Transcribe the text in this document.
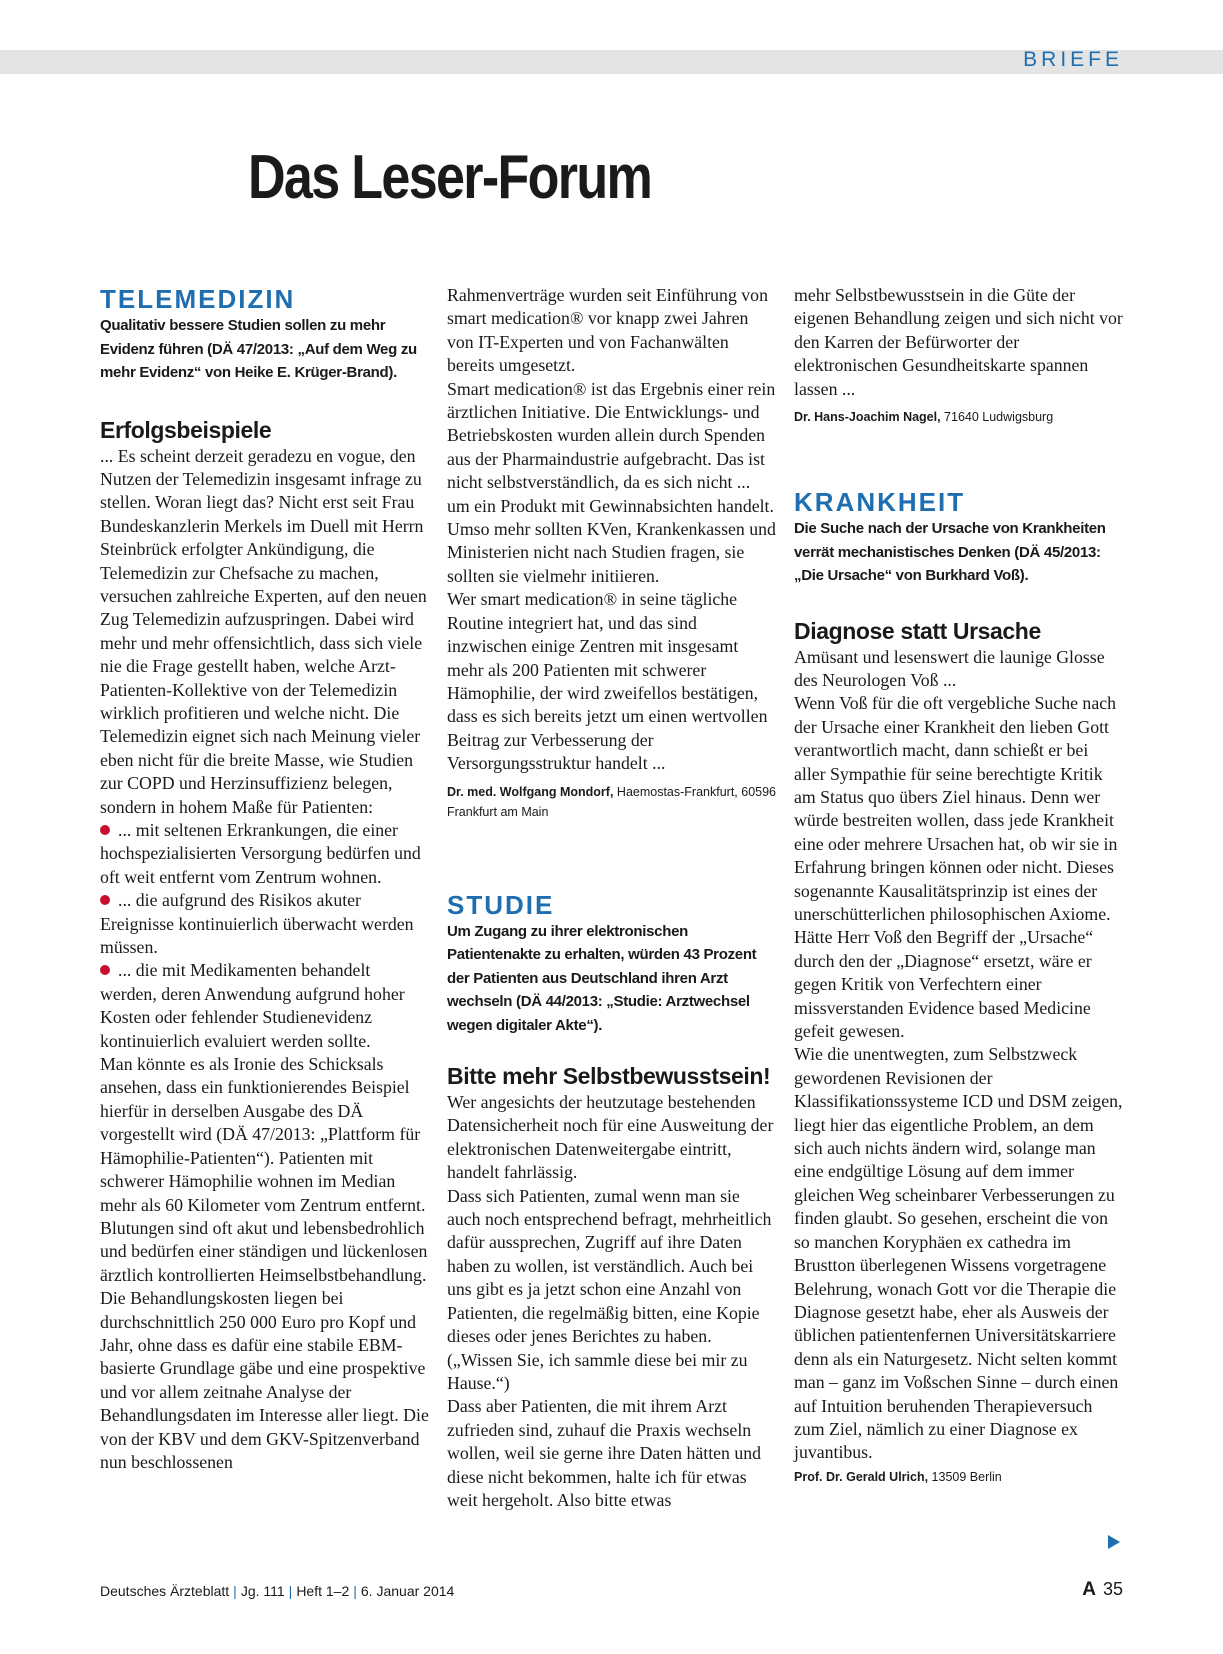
BRIEFE
Das Leser-Forum
TELEMEDIZIN
Qualitativ bessere Studien sollen zu mehr Evidenz führen (DÄ 47/2013: „Auf dem Weg zu mehr Evidenz“ von Heike E. Krüger-Brand).
Erfolgsbeispiele

... Es scheint derzeit geradezu en vogue, den Nutzen der Telemedizin insgesamt infrage zu stellen. Woran liegt das? Nicht erst seit Frau Bundeskanzlerin Merkels im Duell mit Herrn Steinbrück erfolgter Ankündigung, die Telemedizin zur Chefsache zu machen, versuchen zahlreiche Experten, auf den neuen Zug Telemedizin aufzuspringen. Dabei wird mehr und mehr offensichtlich, dass sich viele nie die Frage gestellt haben, welche Arzt-Patienten-Kollektive von der Telemedizin wirklich profitieren und welche nicht. Die Telemedizin eignet sich nach Meinung vieler eben nicht für die breite Masse, wie Studien zur COPD und Herzinsuffizienz belegen, sondern in hohem Maße für Patienten:

... mit seltenen Erkrankungen, die einer hochspezialisierten Versorgung bedürfen und oft weit entfernt vom Zentrum wohnen.

... die aufgrund des Risikos akuter Ereignisse kontinuierlich überwacht werden müssen.

... die mit Medikamenten behandelt werden, deren Anwendung aufgrund hoher Kosten oder fehlender Studienevidenz kontinuierlich evaluiert werden sollte.

Man könnte es als Ironie des Schicksals ansehen, dass ein funktionierendes Beispiel hierfür in derselben Ausgabe des DÄ vorgestellt wird (DÄ 47/2013: „Plattform für Hämophilie-Patienten“). Patienten mit schwerer Hämophilie wohnen im Median mehr als 60 Kilometer vom Zentrum entfernt. Blutungen sind oft akut und lebensbedrohlich und bedürfen einer ständigen und lückenlosen ärztlich kontrollierten Heimselbstbehandlung. Die Behandlungskosten liegen bei durchschnittlich 250 000 Euro pro Kopf und Jahr, ohne dass es dafür eine stabile EBM-basierte Grundlage gäbe und eine prospektive und vor allem zeitnahe Analyse der Behandlungsdaten im Interesse aller liegt. Die von der KBV und dem GKV-Spitzenverband nun beschlossenen

Rahmenverträge wurden seit Einführung von smart medication® vor knapp zwei Jahren von IT-Experten und von Fachanwälten bereits umgesetzt.

Smart medication® ist das Ergebnis einer rein ärztlichen Initiative. Die Entwicklungs- und Betriebskosten wurden allein durch Spenden aus der Pharmaindustrie aufgebracht. Das ist nicht selbstverständlich, da es sich nicht ... um ein Produkt mit Gewinnabsichten handelt. Umso mehr sollten KVen, Krankenkassen und Ministerien nicht nach Studien fragen, sie sollten sie vielmehr initiieren.

Wer smart medication® in seine tägliche Routine integriert hat, und das sind inzwischen einige Zentren mit insgesamt mehr als 200 Patienten mit schwerer Hämophilie, der wird zweifellos bestätigen, dass es sich bereits jetzt um einen wertvollen Beitrag zur Verbesserung der Versorgungsstruktur handelt ...

Dr. med. Wolfgang Mondorf, Haemostas-Frankfurt, 60596 Frankfurt am Main
STUDIE
Um Zugang zu ihrer elektronischen Patientenakte zu erhalten, würden 43 Prozent der Patienten aus Deutschland ihren Arzt wechseln (DÄ 44/2013: „Studie: Arztwechsel wegen digitaler Akte“).
Bitte mehr Selbstbewusstsein!

Wer angesichts der heutzutage bestehenden Datensicherheit noch für eine Ausweitung der elektronischen Datenweitergabe eintritt, handelt fahrlässig.

Dass sich Patienten, zumal wenn man sie auch noch entsprechend befragt, mehrheitlich dafür aussprechen, Zugriff auf ihre Daten haben zu wollen, ist verständlich. Auch bei uns gibt es ja jetzt schon eine Anzahl von Patienten, die regelmäßig bitten, eine Kopie dieses oder jenes Berichtes zu haben. („Wissen Sie, ich sammle diese bei mir zu Hause.“)

Dass aber Patienten, die mit ihrem Arzt zufrieden sind, zuhauf die Praxis wechseln wollen, weil sie gerne ihre Daten hätten und diese nicht bekommen, halte ich für etwas weit hergeholt. Also bitte etwas

mehr Selbstbewusstsein in die Güte der eigenen Behandlung zeigen und sich nicht vor den Karren der Befürworter der elektronischen Gesundheitskarte spannen lassen ...

Dr. Hans-Joachim Nagel, 71640 Ludwigsburg
KRANKHEIT
Die Suche nach der Ursache von Krankheiten verrät mechanistisches Denken (DÄ 45/2013: „Die Ursache“ von Burkhard Voß).
Diagnose statt Ursache

Amüsant und lesenswert die launige Glosse des Neurologen Voß ...

Wenn Voß für die oft vergebliche Suche nach der Ursache einer Krankheit den lieben Gott verantwortlich macht, dann schießt er bei aller Sympathie für seine berechtigte Kritik am Status quo übers Ziel hinaus. Denn wer würde bestreiten wollen, dass jede Krankheit eine oder mehrere Ursachen hat, ob wir sie in Erfahrung bringen können oder nicht. Dieses sogenannte Kausalitätsprinzip ist eines der unerschütterlichen philosophischen Axiome. Hätte Herr Voß den Begriff der „Ursache“ durch den der „Diagnose“ ersetzt, wäre er gegen Kritik von Verfechtern einer missverstanden Evidence based Medicine gefeit gewesen.

Wie die unentwegten, zum Selbstzweck gewordenen Revisionen der Klassifikationssysteme ICD und DSM zeigen, liegt hier das eigentliche Problem, an dem sich auch nichts ändern wird, solange man eine endgültige Lösung auf dem immer gleichen Weg scheinbarer Verbesserungen zu finden glaubt. So gesehen, erscheint die von so manchen Koryphäen ex cathedra im Brustton überlegenen Wissens vorgetragene Belehrung, wonach Gott vor die Therapie die Diagnose gesetzt habe, eher als Ausweis der üblichen patientenfernen Universitätskarriere denn als ein Naturgesetz. Nicht selten kommt man – ganz im Voßschen Sinne – durch einen auf Intuition beruhenden Therapieversuch zum Ziel, nämlich zu einer Diagnose ex juvantibus.

Prof. Dr. Gerald Ulrich, 13509 Berlin
Deutsches Ärzteblatt | Jg. 111 | Heft 1–2 | 6. Januar 2014	A 35
